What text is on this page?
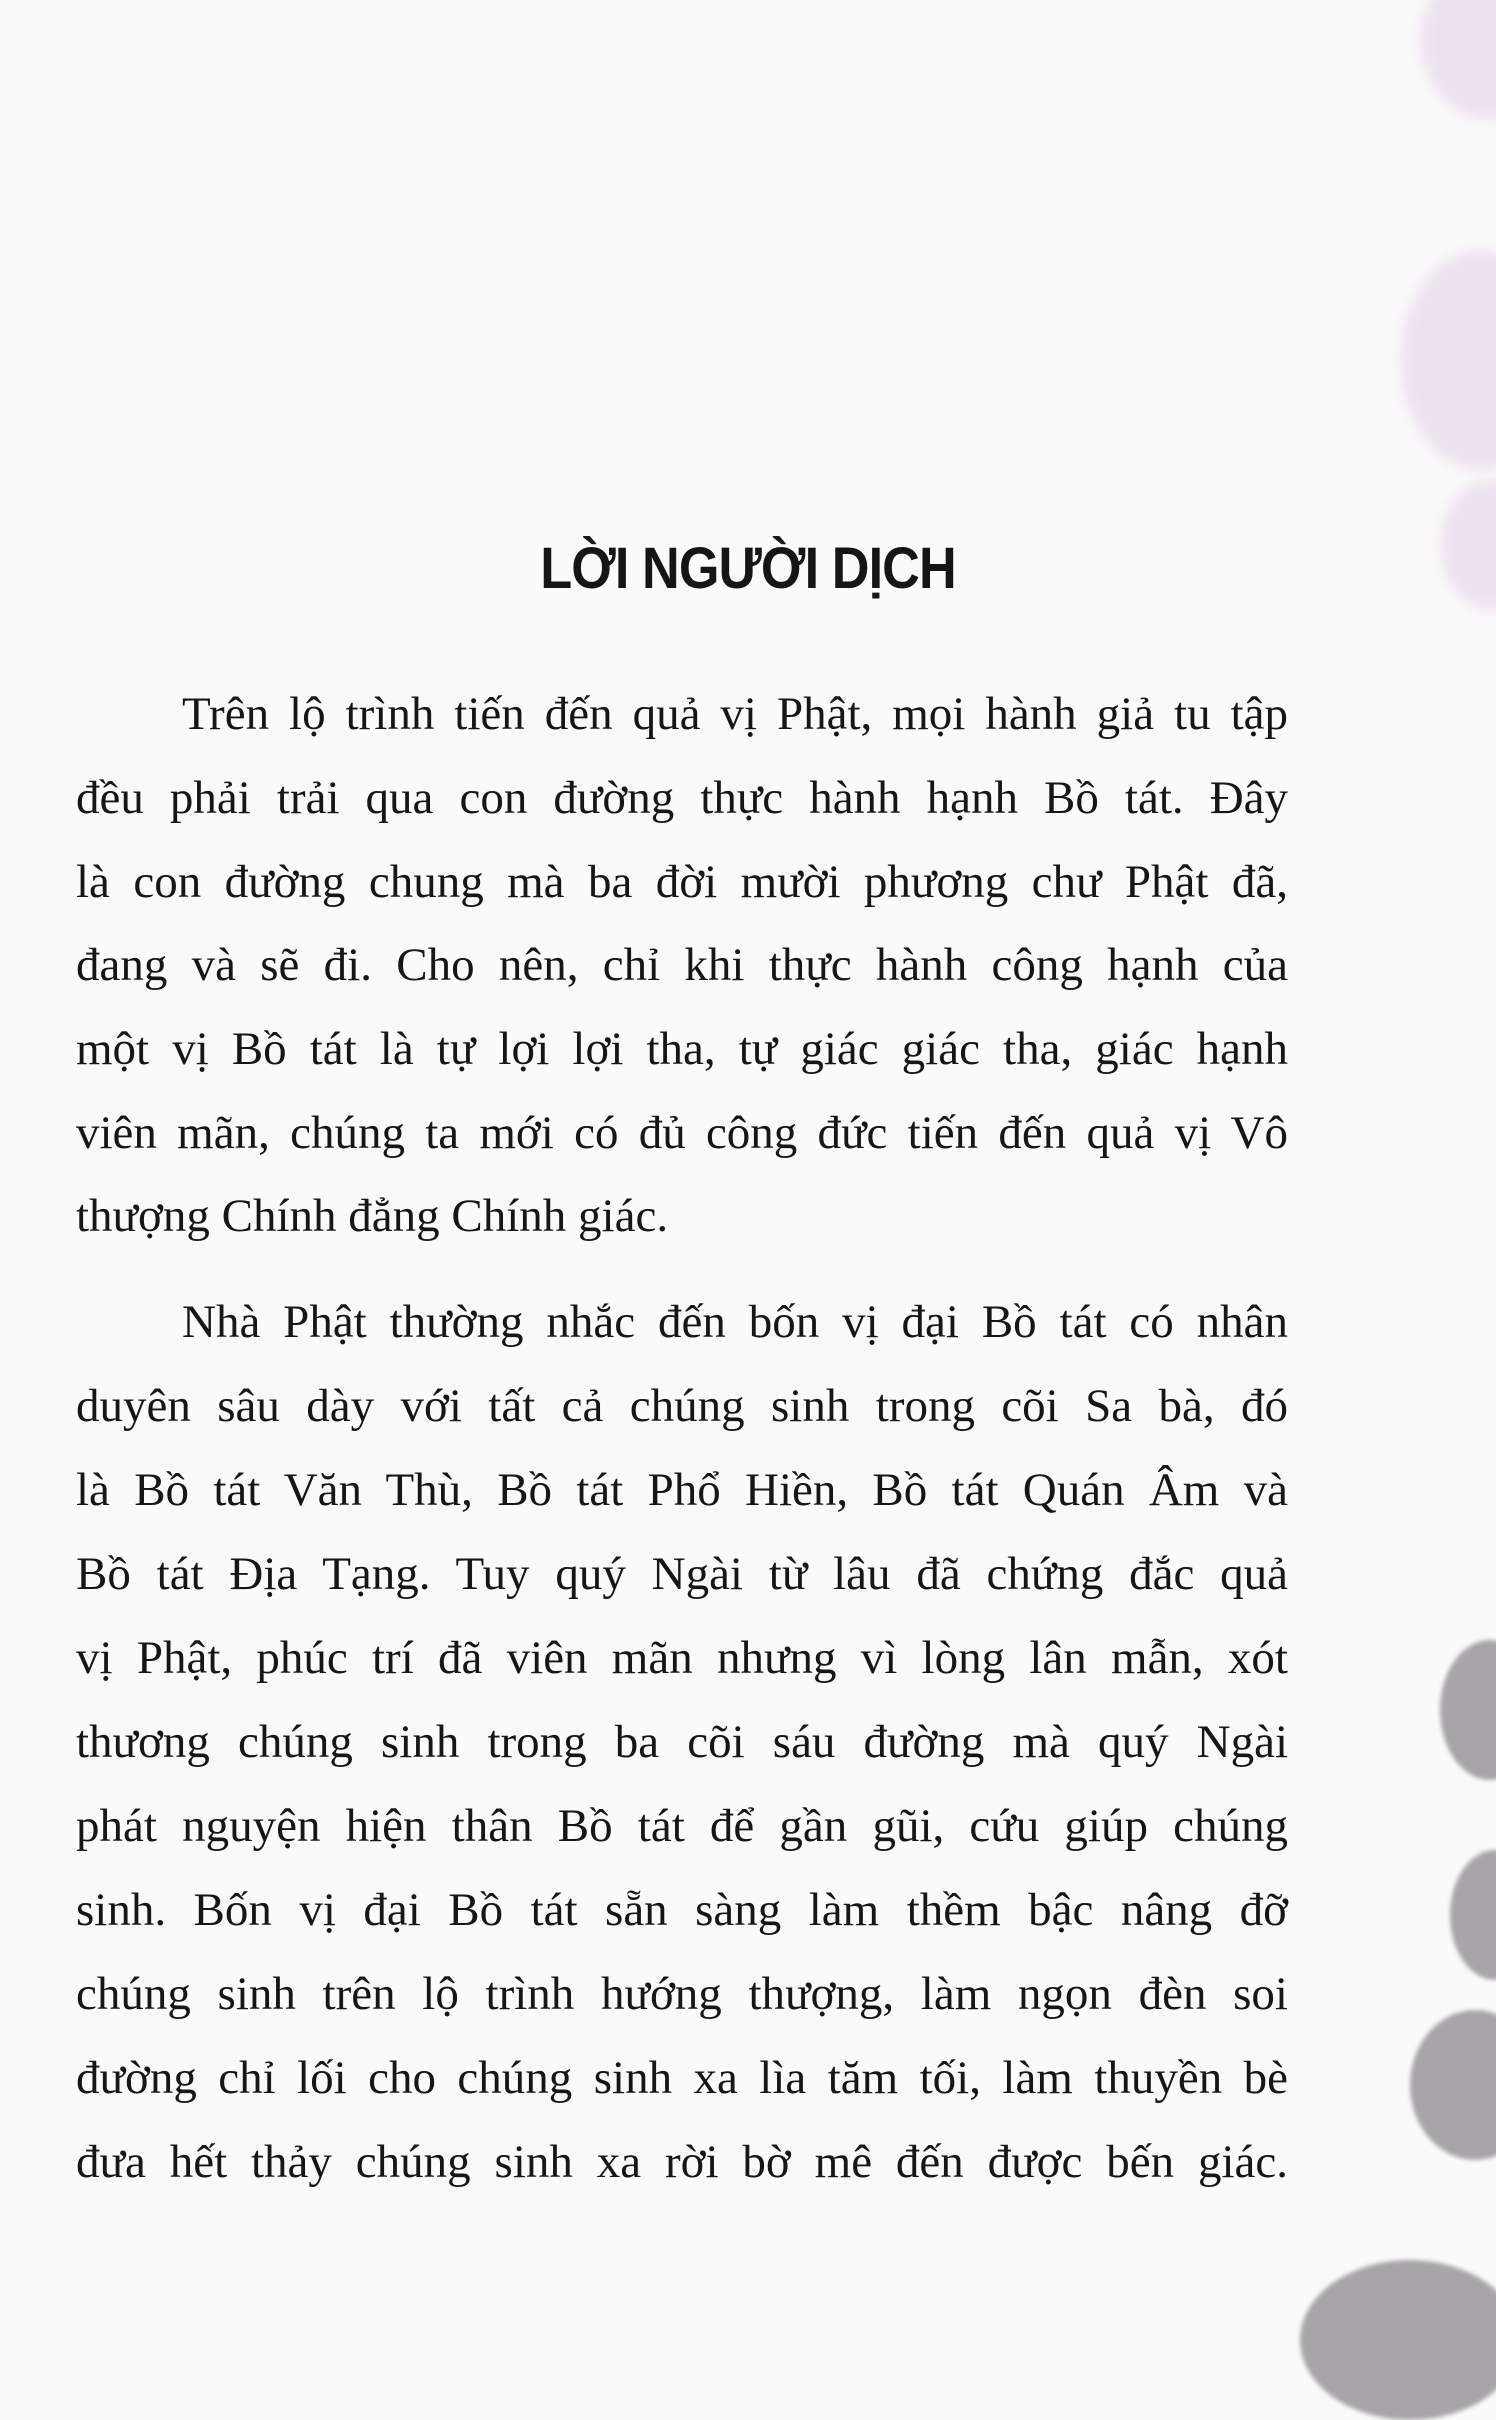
LỜI NGƯỜI DỊCH
Trên lộ trình tiến đến quả vị Phật, mọi hành giả tu tập
đều phải trải qua con đường thực hành hạnh Bồ tát. Đây
là con đường chung mà ba đời mười phương chư Phật đã,
đang và sẽ đi. Cho nên, chỉ khi thực hành công hạnh của
một vị Bồ tát là tự lợi lợi tha, tự giác giác tha, giác hạnh
viên mãn, chúng ta mới có đủ công đức tiến đến quả vị Vô
thượng Chính đẳng Chính giác.
Nhà Phật thường nhắc đến bốn vị đại Bồ tát có nhân
duyên sâu dày với tất cả chúng sinh trong cõi Sa bà, đó
là Bồ tát Văn Thù, Bồ tát Phổ Hiền, Bồ tát Quán Âm và
Bồ tát Địa Tạng. Tuy quý Ngài từ lâu đã chứng đắc quả
vị Phật, phúc trí đã viên mãn nhưng vì lòng lân mẫn, xót
thương chúng sinh trong ba cõi sáu đường mà quý Ngài
phát nguyện hiện thân Bồ tát để gần gũi, cứu giúp chúng
sinh. Bốn vị đại Bồ tát sẵn sàng làm thềm bậc nâng đỡ
chúng sinh trên lộ trình hướng thượng, làm ngọn đèn soi
đường chỉ lối cho chúng sinh xa lìa tăm tối, làm thuyền bè
đưa hết thảy chúng sinh xa rời bờ mê đến được bến giác.
